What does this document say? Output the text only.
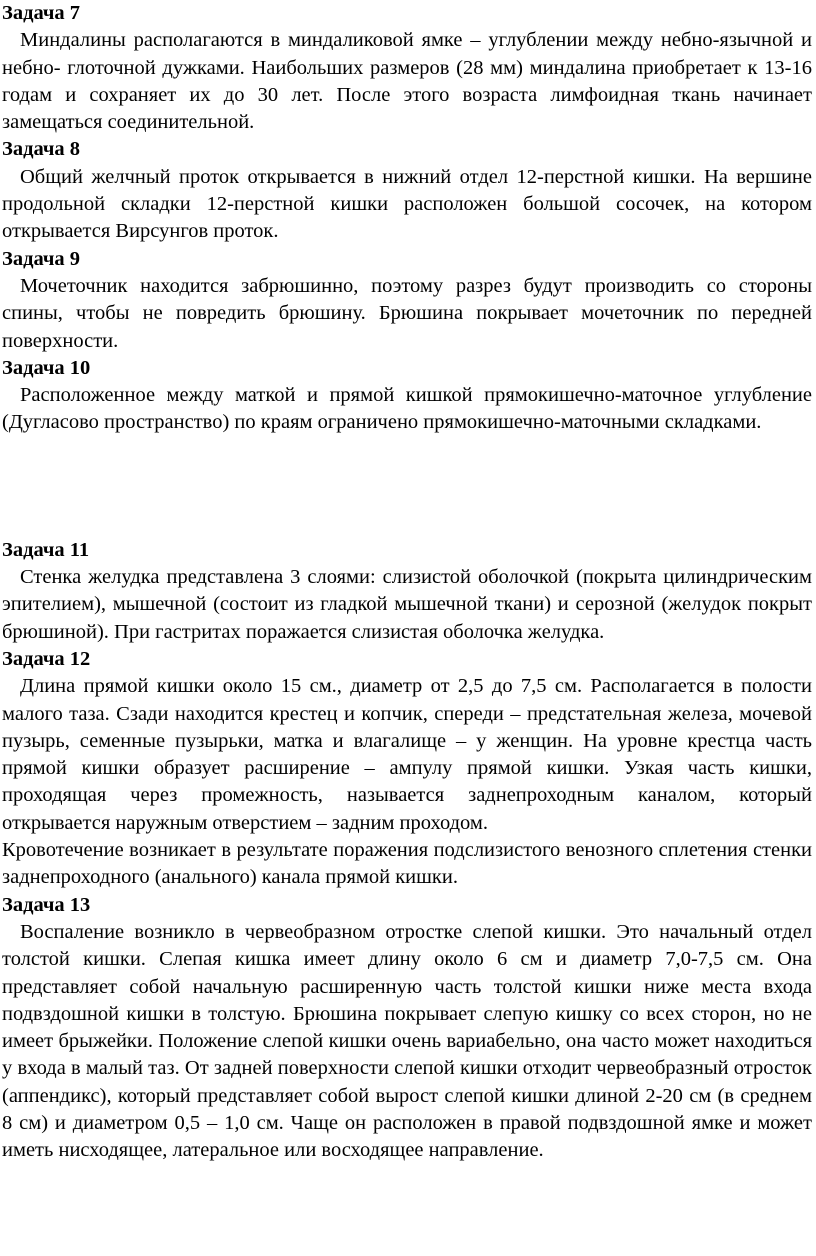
Задача 7

Миндалины располагаются в миндаликовой ямке – углублении между небно-язычной и небно- глоточной дужками. Наибольших размеров (28 мм) миндалина приобретает к 13-16 годам и сохраняет их до 30 лет. После этого возраста лимфоидная ткань начинает замещаться соединительной.

Задача 8

Общий желчный проток открывается в нижний отдел 12-перстной кишки. На вершине продольной складки 12-перстной кишки расположен большой сосочек, на котором открывается Вирсунгов проток.

Задача 9

Мочеточник находится забрюшинно, поэтому разрез будут производить со стороны спины, чтобы не повредить брюшину. Брюшина покрывает мочеточник по передней поверхности.

Задача 10

Расположенное между маткой и прямой кишкой прямокишечно-маточное углубление (Дугласово пространство) по краям ограничено прямокишечно-маточными складками.

Задача 11

Стенка желудка представлена 3 слоями: слизистой оболочкой (покрыта цилиндрическим эпителием), мышечной (состоит из гладкой мышечной ткани) и серозной (желудок покрыт брюшиной). При гастритах поражается слизистая оболочка желудка.

Задача 12

Длина прямой кишки около 15 см., диаметр от 2,5 до 7,5 см. Располагается в полости малого таза. Сзади находится крестец и копчик, спереди – предстательная железа, мочевой пузырь, семенные пузырьки, матка и влагалище – у женщин. На уровне крестца часть прямой кишки образует расширение – ампулу прямой кишки. Узкая часть кишки, проходящая через промежность, называется заднепроходным каналом, который открывается наружным отверстием – задним проходом.

Кровотечение возникает в результате поражения подслизистого венозного сплетения стенки заднепроходного (анального) канала прямой кишки.

Задача 13

Воспаление возникло в червеобразном отростке слепой кишки. Это начальный отдел толстой кишки. Слепая кишка имеет длину около 6 см и диаметр 7,0-7,5 см. Она представляет собой начальную расширенную часть толстой кишки ниже места входа подвздошной кишки в толстую. Брюшина покрывает слепую кишку со всех сторон, но не имеет брыжейки. Положение слепой кишки очень вариабельно, она часто может находиться у входа в малый таз. От задней поверхности слепой кишки отходит червеобразный отросток (аппендикс), который представляет собой вырост слепой кишки длиной 2-20 см (в среднем 8 см) и диаметром 0,5 – 1,0 см. Чаще он расположен в правой подвздошной ямке и может иметь нисходящее, латеральное или восходящее направление.
